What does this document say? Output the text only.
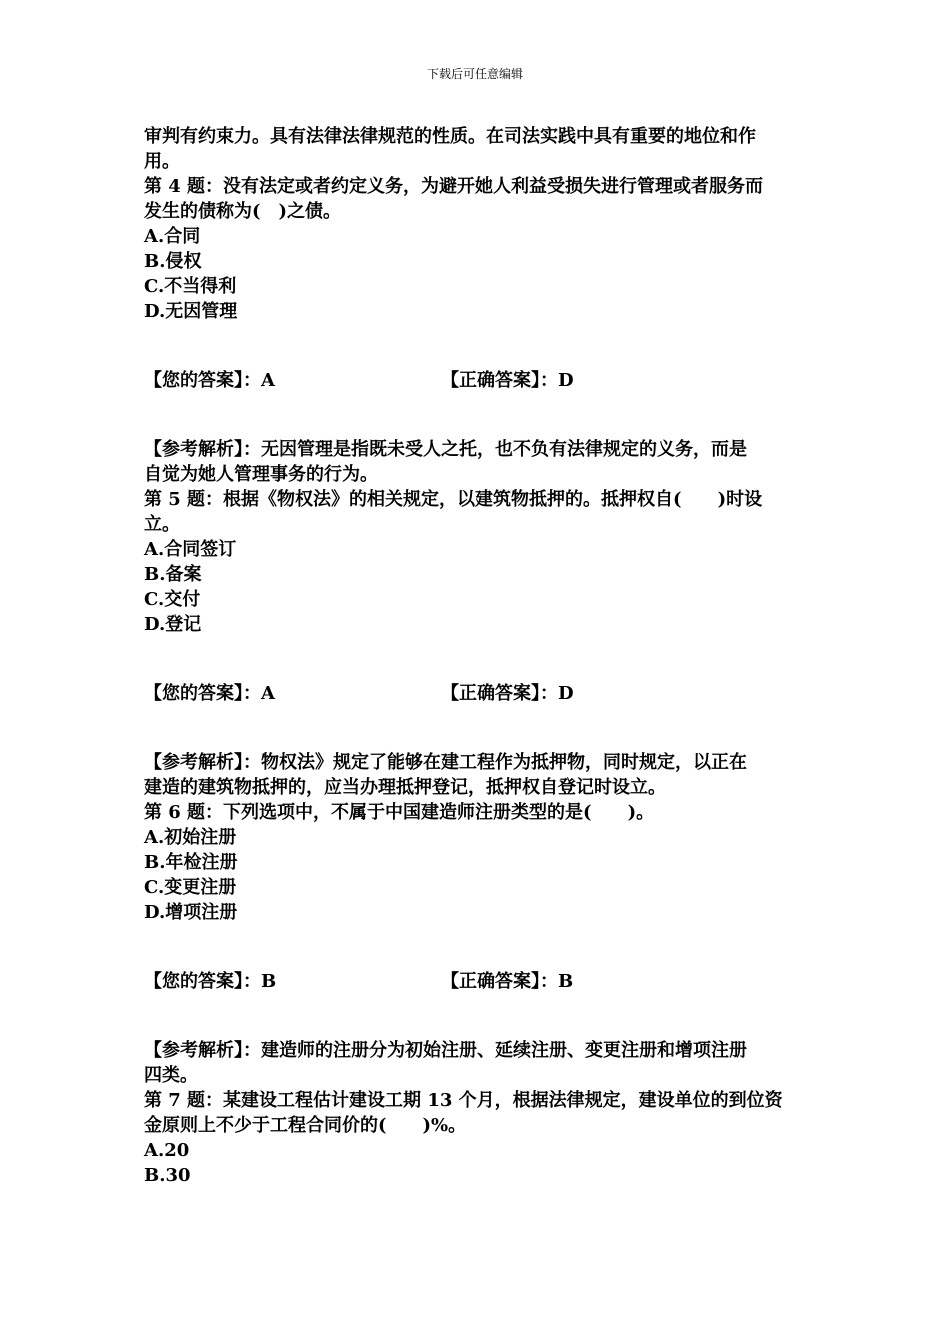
下载后可任意编辑
审判有约束力。具有法律法律规范的性质。在司法实践中具有重要的地位和作
用。
第 4 题：没有法定或者约定义务，为避开她人利益受损失进行管理或者服务而
发生的债称为(　)之债。
A.合同
B.侵权
C.不当得利
D.无因管理
【您的答案】：A	【正确答案】：D
【参考解析】：无因管理是指既未受人之托，也不负有法律规定的义务，而是
自觉为她人管理事务的行为。
第 5 题：根据《物权法》的相关规定，以建筑物抵押的。抵押权自(　　)时设
立。
A.合同签订
B.备案
C.交付
D.登记
【您的答案】：A	【正确答案】：D
【参考解析】：物权法》规定了能够在建工程作为抵押物，同时规定，以正在
建造的建筑物抵押的，应当办理抵押登记，抵押权自登记时设立。
第 6 题：下列选项中，不属于中国建造师注册类型的是(　　)。
A.初始注册
B.年检注册
C.变更注册
D.增项注册
【您的答案】：B	【正确答案】：B
【参考解析】：建造师的注册分为初始注册、延续注册、变更注册和增项注册
四类。
第 7 题：某建设工程估计建设工期 13 个月，根据法律规定，建设单位的到位资
金原则上不少于工程合同价的(　　)%。
A.20
B.30
